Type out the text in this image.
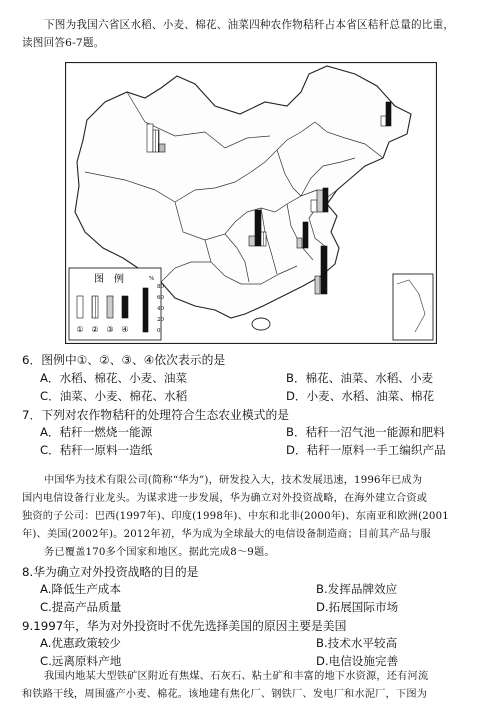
下图为我国六省区水稻、小麦、棉花、油菜四种农作物秸秆占本省区秸秆总量的比重，
读图回答6-7题。
图　例
① ② ③ ④
80
60
40
20
0
%
6．图例中①、②、③、④依次表示的是
A．水稻、棉花、小麦、油菜	B．棉花、油菜、水稻、小麦
C．油菜、小麦、棉花、水稻	D．小麦、水稻、油菜、棉花
7．下列对农作物秸秆的处理符合生态农业模式的是
A．秸秆一燃烧一能源	B．秸秆一沼气池一能源和肥料
C．秸秆一原料一造纸	D．秸秆一原料一手工编织产品
中国华为技术有限公司(简称“华为”)，研发投入大，技术发展迅速，1996年已成为
国内电信设备行业龙头。为谋求进一步发展，华为确立对外投资战略，在海外建立合资或
独资的子公司：巴西(1997年)、印度(1998年)、中东和北非(2000年)、东南亚和欧洲(2001
年)、美国(2002年)。2012年初，华为成为全球最大的电信设备制造商；目前其产品与服
务已覆盖170多个国家和地区。据此完成8～9题。
8.华为确立对外投资战略的目的是
A.降低生产成本	B.发挥品牌效应
C.提高产品质量	D.拓展国际市场
9.1997年，华为对外投资时不优先选择美国的原因主要是美国
A.优惠政策较少	B.技术水平较高
C.远离原料产地	D.电信设施完善
我国内地某大型铁矿区附近有焦煤、石灰石、粘土矿和丰富的地下水资源，还有河流
和铁路干线，周围盛产小麦、棉花。该地建有焦化厂、钢铁厂、发电厂和水泥厂，下图为
